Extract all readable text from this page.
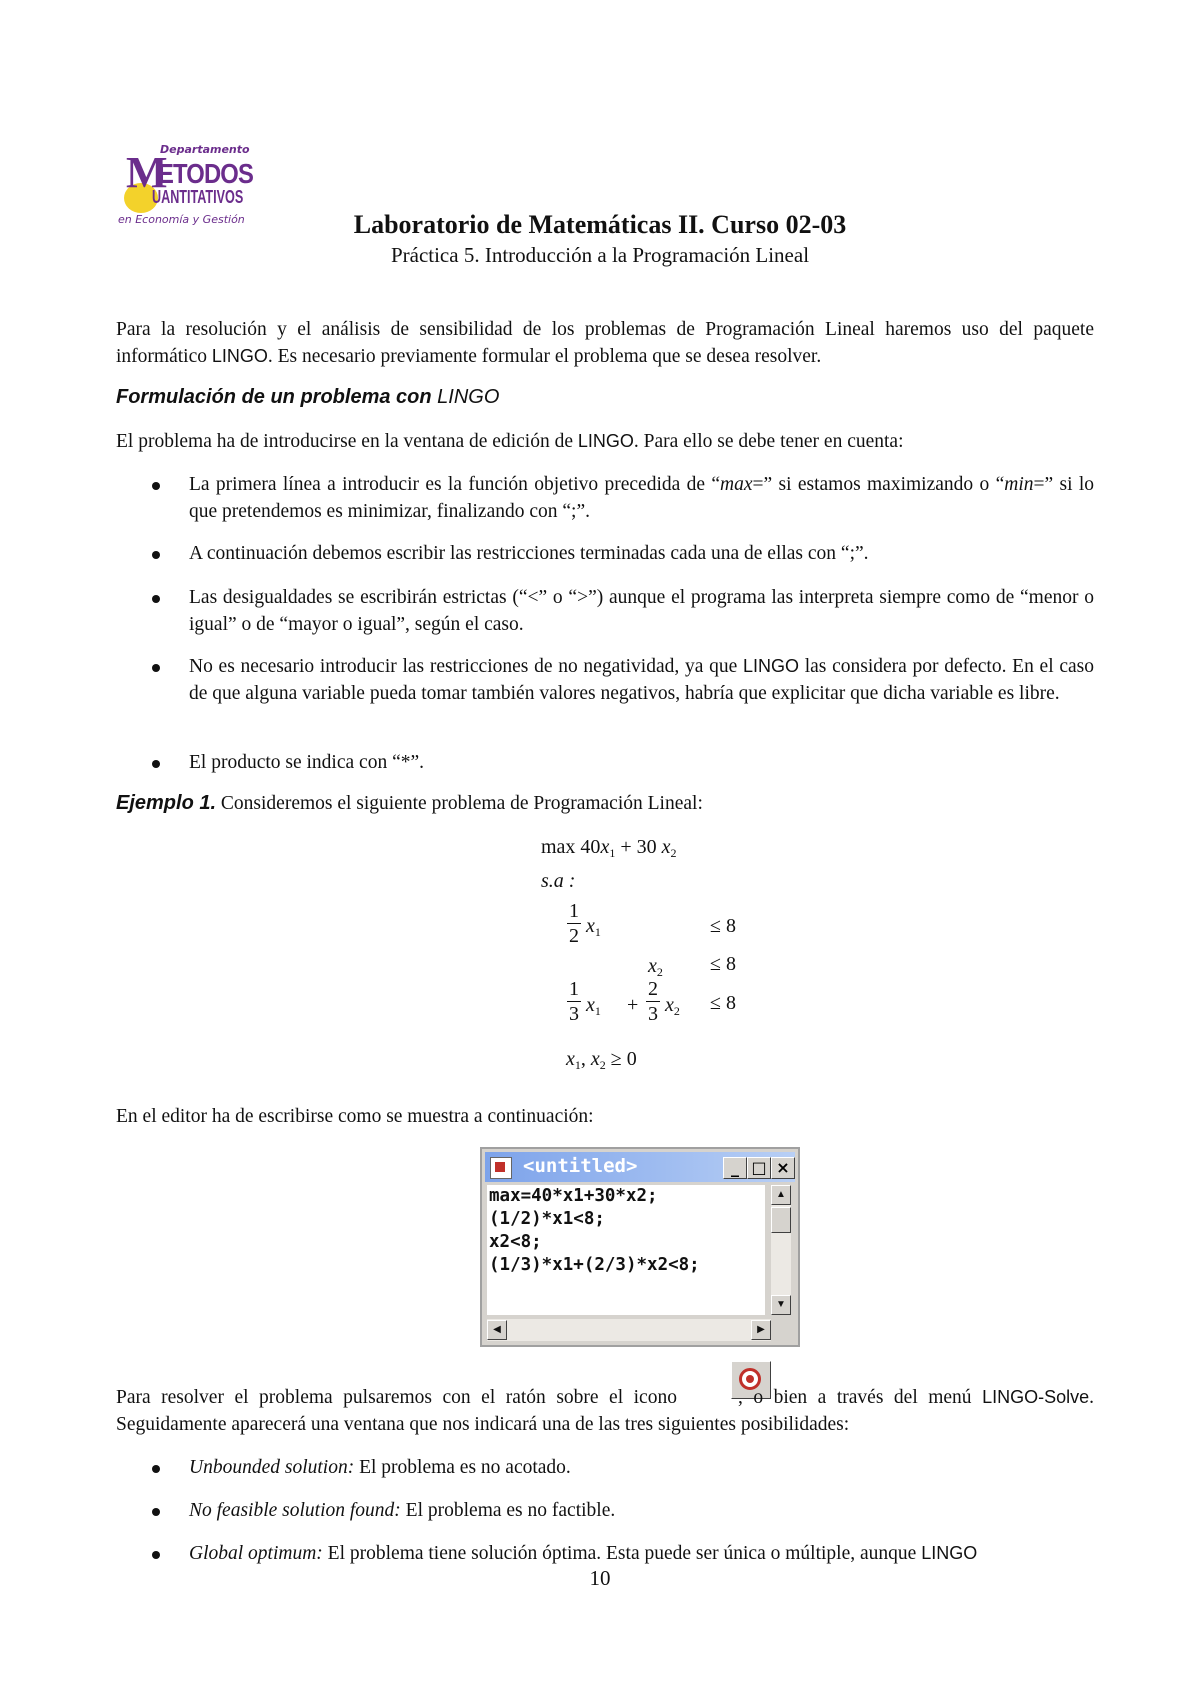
Departamento
M
ETODOS
UANTITATIVOS
en Economía y Gestión	Laboratorio de Matemáticas II. Curso 02-03
Práctica 5. Introducción a la Programación Lineal
Para la resolución y el análisis de sensibilidad de los problemas de Programación Lineal haremos uso del paquete informático LINGO. Es necesario previamente formular el problema que se desea resolver.
Formulación de un problema con LINGO
El problema ha de introducirse en la ventana de edición de LINGO. Para ello se debe tener en cuenta:
La primera línea a introducir es la función objetivo precedida de “max=” si estamos maximizando o “min=” si lo que pretendemos es minimizar, finalizando con “;”.
A continuación debemos escribir las restricciones terminadas cada una de ellas con “;”.
Las desigualdades se escribirán estrictas (“<” o “>”) aunque el programa las interpreta siempre como de “menor o igual” o de “mayor o igual”, según el caso.
No es necesario introducir las restricciones de no negatividad, ya que LINGO las considera por defecto. En el caso de que alguna variable pueda tomar también valores negativos, habría que explicitar que dicha variable es libre.
El producto se indica con “*”.
Ejemplo 1. Consideremos el siguiente problema de Programación Lineal:
$\max 40x_1 + 30$ $x_2$
s.a :
1
2 $x_1$	≤ 8
$x_2 \le 8$
1
3 $x_1$ +
2
3 $x_2 \le 8$
$x_1$, $x_2 \ge 0$
En el editor ha de escribirse como se muestra a continuación:
<untitled>	_ □ ×
max=40*x1+30*x2;
(1/2)*x1<8;
x2<8;
(1/3)*x1+(2/3)*x2<8;
▲
▼
◀	▶
Para resolver el problema pulsaremos con el ratón sobre el icono  , o bien a través del menú LINGO-Solve. Seguidamente aparecerá una ventana que nos indicará una de las tres siguientes posibilidades:
Unbounded solution: El problema es no acotado.
No feasible solution found: El problema es no factible.
Global optimum: El problema tiene solución óptima. Esta puede ser única o múltiple, aunque LINGO
10
